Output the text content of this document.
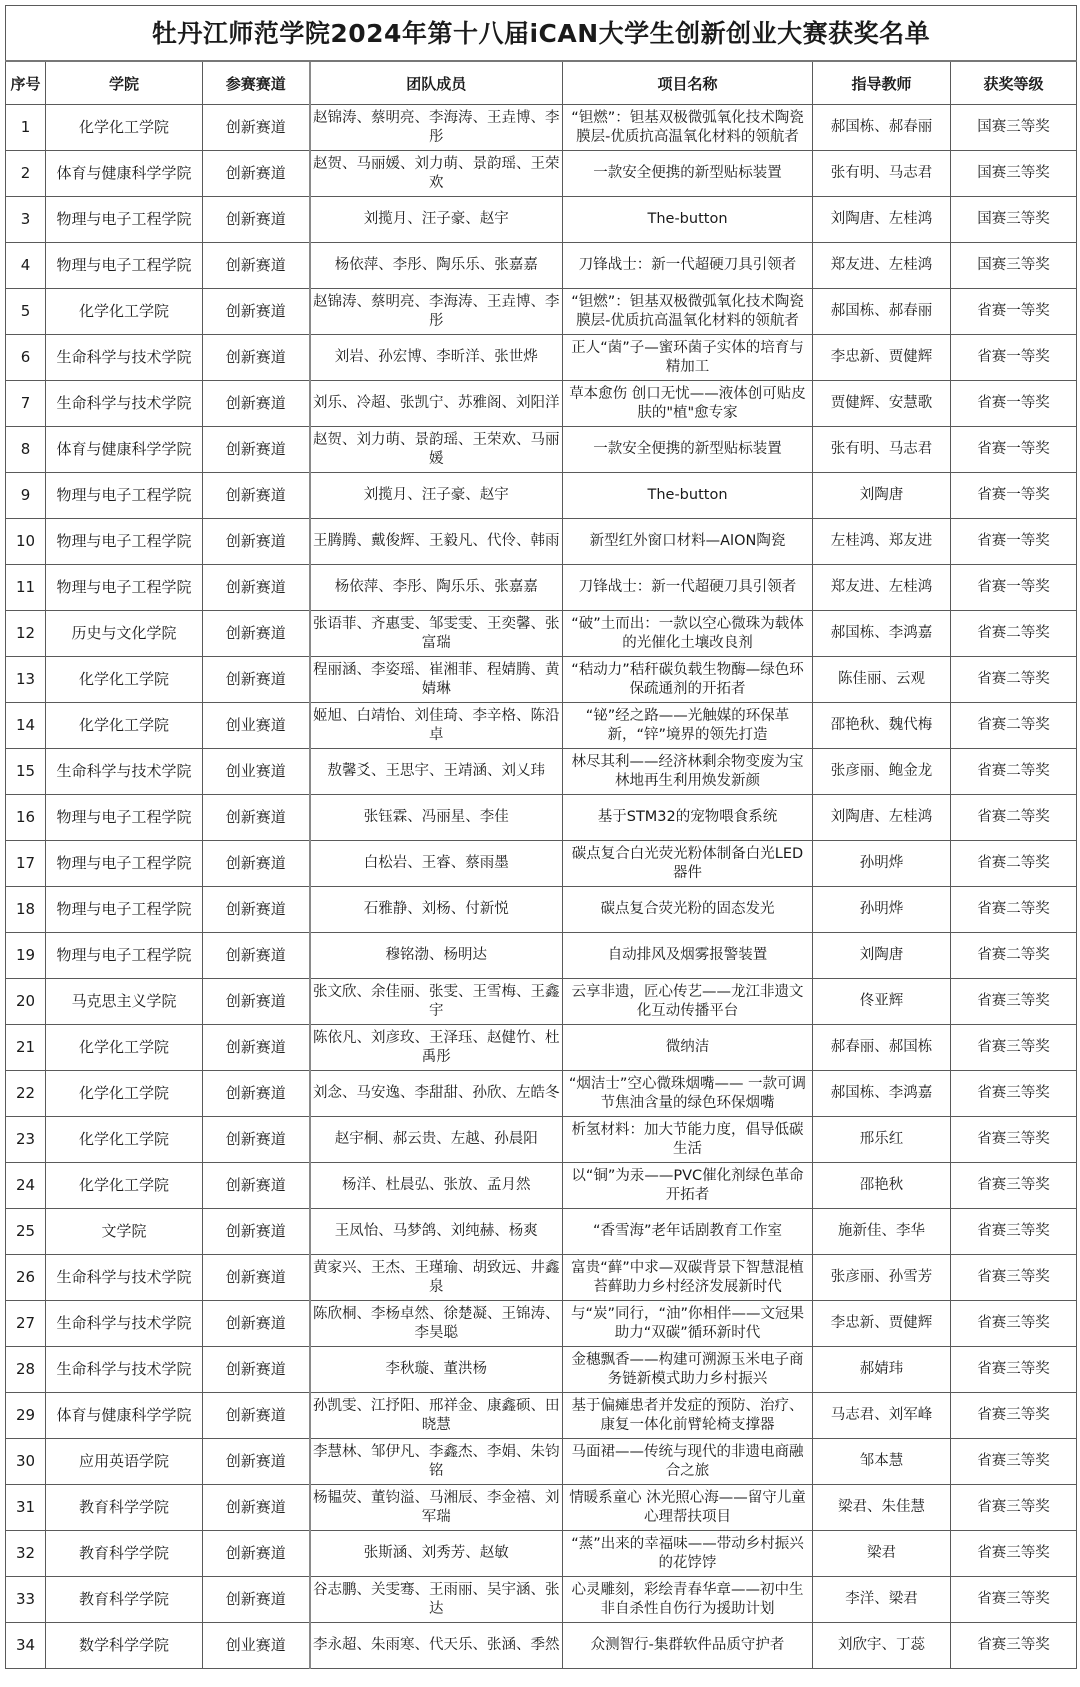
牡丹江师范学院2024年第十八届iCAN大学生创新创业大赛获奖名单						
序号	学院	参赛赛道	团队成员	项目名称	指导教师	获奖等级
1	化学化工学院	创新赛道	赵锦涛、蔡明亮、李海涛、王垚博、李彤	“钽燃”：钽基双极微弧氧化技术陶瓷膜层-优质抗高温氧化材料的领航者	郝国栋、郝春丽	国赛三等奖
2	体育与健康科学学院	创新赛道	赵贺、马丽媛、刘力萌、景韵瑶、王荣欢	一款安全便携的新型贴标装置	张有明、马志君	国赛三等奖
3	物理与电子工程学院	创新赛道	刘揽月、汪子豪、赵宇	The-button	刘陶唐、左桂鸿	国赛三等奖
4	物理与电子工程学院	创新赛道	杨依萍、李彤、陶乐乐、张嘉嘉	刀锋战士：新一代超硬刀具引领者	郑友进、左桂鸿	国赛三等奖
5	化学化工学院	创新赛道	赵锦涛、蔡明亮、李海涛、王垚博、李彤	“钽燃”：钽基双极微弧氧化技术陶瓷膜层-优质抗高温氧化材料的领航者	郝国栋、郝春丽	省赛一等奖
6	生命科学与技术学院	创新赛道	刘岩、孙宏博、李昕洋、张世烨	正人“菌”子—蜜环菌子实体的培育与精加工	李忠新、贾健辉	省赛一等奖
7	生命科学与技术学院	创新赛道	刘乐、冷超、张凯宁、苏雅阁、刘阳洋	草本愈伤 创口无忧——液体创可贴皮肤的"植"愈专家	贾健辉、安慧歌	省赛一等奖
8	体育与健康科学学院	创新赛道	赵贺、刘力萌、景韵瑶、王荣欢、马丽媛	一款安全便携的新型贴标装置	张有明、马志君	省赛一等奖
9	物理与电子工程学院	创新赛道	刘揽月、汪子豪、赵宇	The-button	刘陶唐	省赛一等奖
10	物理与电子工程学院	创新赛道	王腾腾、戴俊辉、王毅凡、代伶、韩雨	新型红外窗口材料—AlON陶瓷	左桂鸿、郑友进	省赛一等奖
11	物理与电子工程学院	创新赛道	杨依萍、李彤、陶乐乐、张嘉嘉	刀锋战士：新一代超硬刀具引领者	郑友进、左桂鸿	省赛一等奖
12	历史与文化学院	创新赛道	张语菲、齐惠雯、邹雯雯、王奕馨、张富瑞	“破”土而出：一款以空心微珠为载体的光催化土壤改良剂	郝国栋、李鸿嘉	省赛二等奖
13	化学化工学院	创新赛道	程丽涵、李姿瑶、崔湘菲、程婧腾、黄婧琳	“秸动力”秸秆碳负载生物酶—绿色环保疏通剂的开拓者	陈佳丽、云观	省赛二等奖
14	化学化工学院	创业赛道	姬旭、白靖怡、刘佳琦、李辛格、陈沿卓	“铋”经之路——光触媒的环保革新，“锌”境界的领先打造	邵艳秋、魏代梅	省赛二等奖
15	生命科学与技术学院	创业赛道	敖馨爻、王思宇、王靖涵、刘乂玮	林尽其利——经济林剩余物变废为宝 林地再生利用焕发新颜	张彦丽、鲍金龙	省赛二等奖
16	物理与电子工程学院	创新赛道	张钰霖、冯丽星、李佳	基于STM32的宠物喂食系统	刘陶唐、左桂鸿	省赛二等奖
17	物理与电子工程学院	创新赛道	白松岩、王睿、蔡雨墨	碳点复合白光荧光粉体制备白光LED器件	孙明烨	省赛二等奖
18	物理与电子工程学院	创新赛道	石雅静、刘杨、付新悦	碳点复合荧光粉的固态发光	孙明烨	省赛二等奖
19	物理与电子工程学院	创新赛道	穆铭渤、杨明达	自动排风及烟雾报警装置	刘陶唐	省赛二等奖
20	马克思主义学院	创新赛道	张文欣、余佳丽、张雯、王雪梅、王鑫宇	云享非遗，匠心传艺——龙江非遗文化互动传播平台	佟亚辉	省赛三等奖
21	化学化工学院	创新赛道	陈依凡、刘彦玫、王泽珏、赵健竹、杜禹彤	微纳洁	郝春丽、郝国栋	省赛三等奖
22	化学化工学院	创新赛道	刘念、马安逸、李甜甜、孙欣、左皓冬	“烟洁士”空心微珠烟嘴—— 一款可调节焦油含量的绿色环保烟嘴	郝国栋、李鸿嘉	省赛三等奖
23	化学化工学院	创新赛道	赵宇桐、郝云贵、左越、孙晨阳	析氢材料：加大节能力度，倡导低碳生活	邢乐红	省赛三等奖
24	化学化工学院	创新赛道	杨洋、杜晨弘、张放、孟月然	以“铜”为汞——PVC催化剂绿色革命开拓者	邵艳秋	省赛三等奖
25	文学院	创新赛道	王凤怡、马梦鸽、刘纯赫、杨爽	“香雪海”老年话剧教育工作室	施新佳、李华	省赛三等奖
26	生命科学与技术学院	创新赛道	黄家兴、王杰、王瑾瑜、胡致远、井鑫泉	富贵“藓”中求—双碳背景下智慧混植苔藓助力乡村经济发展新时代	张彦丽、孙雪芳	省赛三等奖
27	生命科学与技术学院	创新赛道	陈欣桐、李杨卓然、徐楚凝、王锦涛、李昊聪	与“炭”同行，“油”你相伴——文冠果助力“双碳”循环新时代	李忠新、贾健辉	省赛三等奖
28	生命科学与技术学院	创新赛道	李秋璇、董洪杨	金穗飘香——构建可溯源玉米电子商务链新模式助力乡村振兴	郝婧玮	省赛三等奖
29	体育与健康科学学院	创新赛道	孙凯雯、江抒阳、邢祥金、康鑫硕、田晓慧	基于偏瘫患者并发症的预防、治疗、康复一体化前臂轮椅支撑器	马志君、刘军峰	省赛三等奖
30	应用英语学院	创新赛道	李慧林、邹伊凡、李鑫杰、李娟、朱钧铭	马面裙——传统与现代的非遗电商融合之旅	邹本慧	省赛三等奖
31	教育科学学院	创新赛道	杨韫荧、董钧溢、马湘辰、李金禧、刘军瑞	情暖系童心 沐光照心海——留守儿童心理帮扶项目	梁君、朱佳慧	省赛三等奖
32	教育科学学院	创新赛道	张斯涵、刘秀芳、赵敏	“蒸”出来的幸福味——带动乡村振兴的花饽饽	梁君	省赛三等奖
33	教育科学学院	创新赛道	谷志鹏、关雯骞、王雨丽、吴宇涵、张达	心灵雕刻，彩绘青春华章——初中生非自杀性自伤行为援助计划	李洋、梁君	省赛三等奖
34	数学科学学院	创业赛道	李永超、朱雨寒、代天乐、张涵、季然	众测智行-集群软件品质守护者	刘欣宇、丁蕊	省赛三等奖
